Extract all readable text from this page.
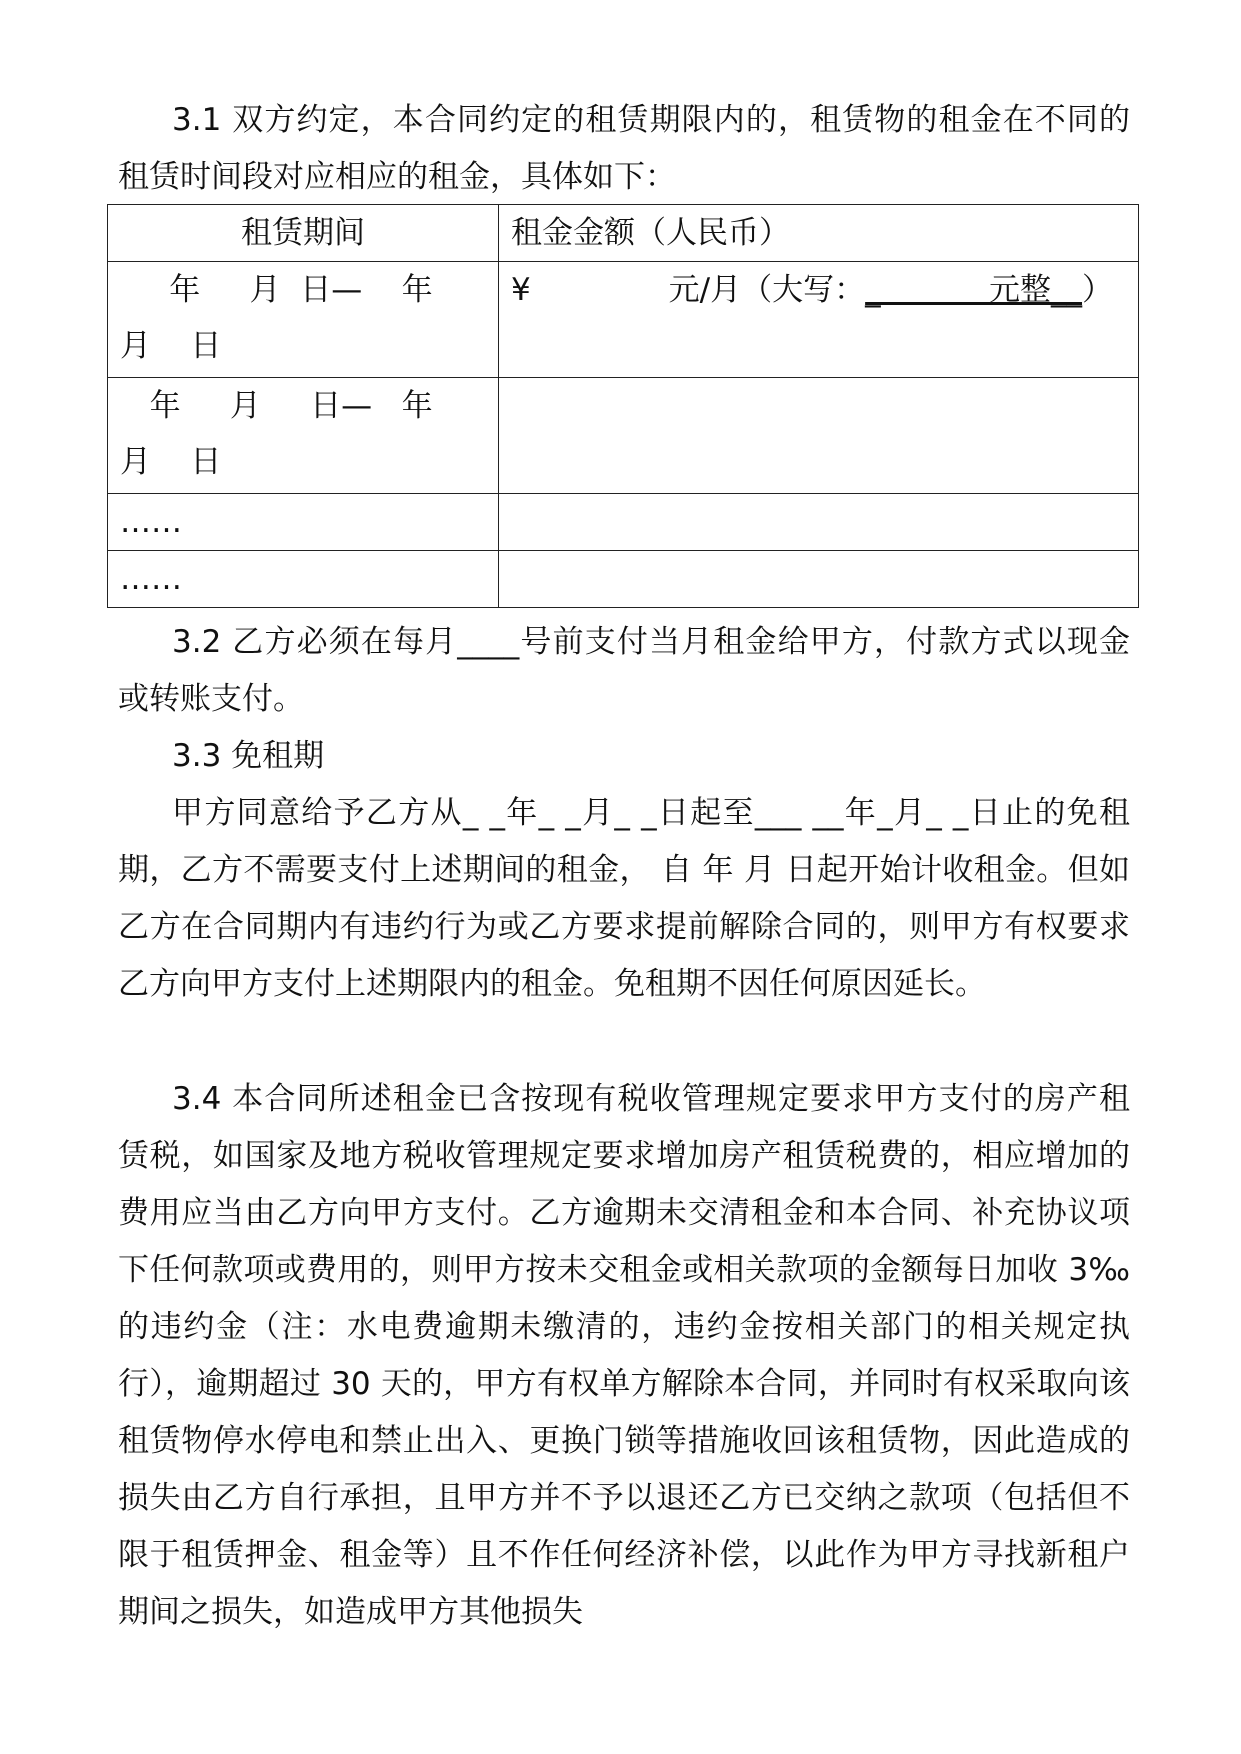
3.1 双方约定，本合同约定的租赁期限内的，租赁物的租金在不同的租赁时间段对应相应的租金，具体如下：

租赁期间	租金金额（人民币）
年     月  日—    年
月    日	¥              元/月（大写：_           元整__）
年     月     日—   年
月    日	
……	
……	

3.2 乙方必须在每月____号前支付当月租金给甲方，付款方式以现金或转账支付。

3.3 免租期

甲方同意给予乙方从_ _年_ _月_ _日起至___ __年_月_ _日止的免租期，乙方不需要支付上述期间的租金， 自 年 月 日起开始计收租金。但如乙方在合同期内有违约行为或乙方要求提前解除合同的，则甲方有权要求乙方向甲方支付上述期限内的租金。免租期不因任何原因延长。

3.4 本合同所述租金已含按现有税收管理规定要求甲方支付的房产租赁税，如国家及地方税收管理规定要求增加房产租赁税费的，相应增加的费用应当由乙方向甲方支付。乙方逾期未交清租金和本合同、补充协议项下任何款项或费用的，则甲方按未交租金或相关款项的金额每日加收 3‰的违约金（注：水电费逾期未缴清的，违约金按相关部门的相关规定执行），逾期超过 30 天的，甲方有权单方解除本合同，并同时有权采取向该租赁物停水停电和禁止出入、更换门锁等措施收回该租赁物，因此造成的损失由乙方自行承担，且甲方并不予以退还乙方已交纳之款项（包括但不限于租赁押金、租金等）且不作任何经济补偿，以此作为甲方寻找新租户期间之损失，如造成甲方其他损失
